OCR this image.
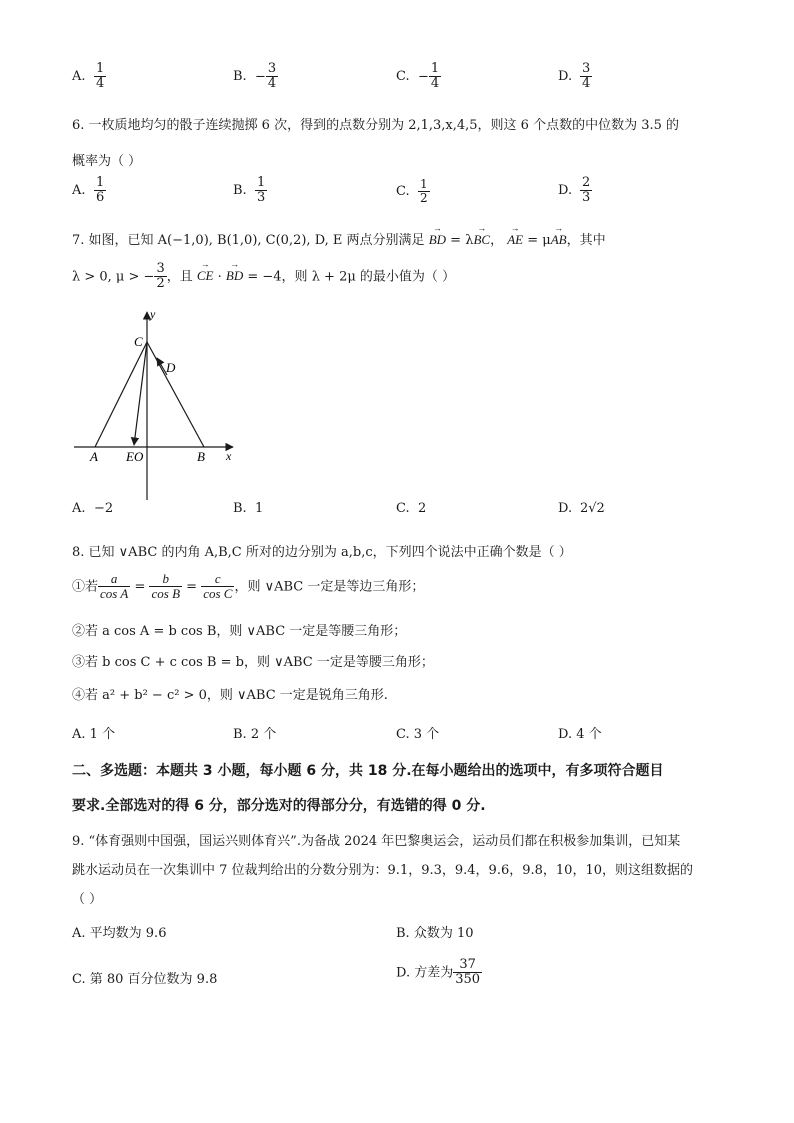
A. $\frac{1}{4}$	B. − $\frac{3}{4}$	C. − $\frac{1}{4}$	D. $\frac{3}{4}$
6. 一枚质地均匀的骰子连续抛掷 6 次，得到的点数分别为 2,1,3,x,4,5，则这 6 个点数的中位数为 3.5 的
概率为（ ）
A. $\frac{1}{6}$	B. $\frac{1}{3}$	C. $\frac{1}{2}$	D. $\frac{2}{3}$
7. 如图，已知 A(−1,0), B(1,0), C(0,2), D, E 两点分别满足 → BD = λ→ BC， → AE = μ→ AB，其中
λ > 0, μ > − $\frac{3}{2}$ ，且 → CE · → BD = −4，则 λ + 2μ 的最小值为（ ）
y
C
D
A EO	B x
A. −2	B. 1	C. 2	D. 2√2
8. 已知 ∨ABC 的内角 A,B,C 所对的边分别为 a,b,c，下列四个说法中正确个数是（ ）
①若 $\frac{a}{\text{cos A}} = \frac{b}{\text{cos B}} = \frac{c}{\text{cos C}}$ ，则 ∨ABC 一定是等边三角形；
②若 a cos A = b cos B，则 ∨ABC 一定是等腰三角形；
③若 b cos C + c cos B = b，则 ∨ABC 一定是等腰三角形；
④若 a² + b² − c² > 0，则 ∨ABC 一定是锐角三角形.
A. 1 个	B. 2 个	C. 3 个	D. 4 个
二、多选题：本题共 3 小题，每小题 6 分，共 18 分.在每小题给出的选项中，有多项符合题目
要求.全部选对的得 6 分，部分选对的得部分分，有选错的得 0 分.
9. “体育强则中国强，国运兴则体育兴”.为备战 2024 年巴黎奥运会，运动员们都在积极参加集训，已知某
跳水运动员在一次集训中 7 位裁判给出的分数分别为：9.1，9.3，9.4，9.6，9.8，10，10，则这组数据的
（ ）
A. 平均数为 9.6	B. 众数为 10
C. 第 80 百分位数为 9.8	D. 方差为 $\frac{37}{350}$
